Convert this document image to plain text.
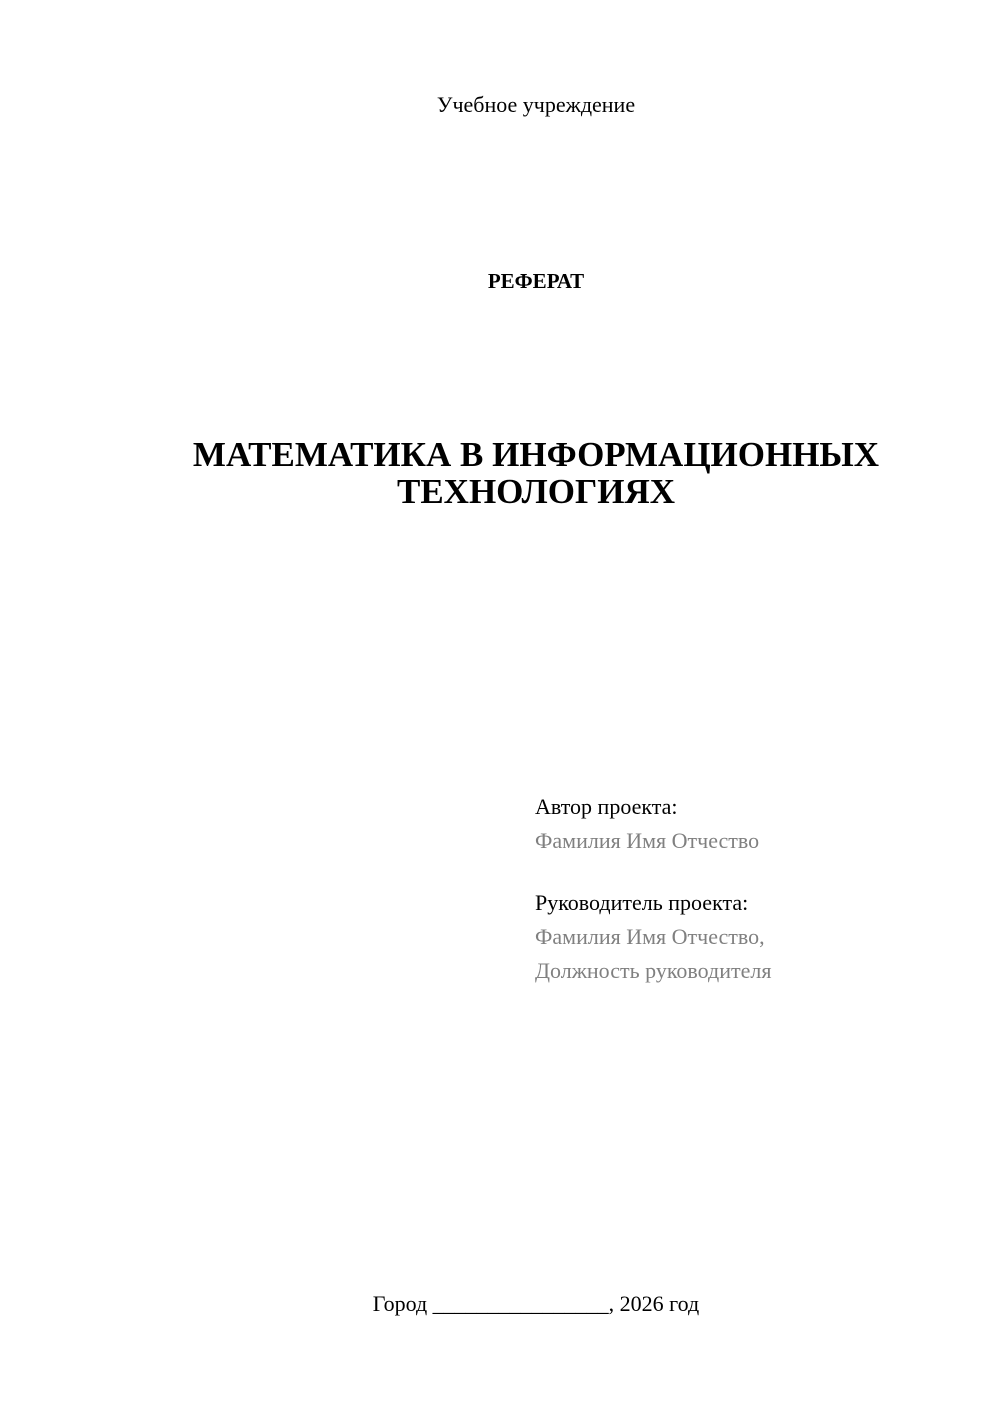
Учебное учреждение
РЕФЕРАТ
МАТЕМАТИКА В ИНФОРМАЦИОННЫХ
ТЕХНОЛОГИЯХ
Автор проекта:
Фамилия Имя Отчество
Руководитель проекта:
Фамилия Имя Отчество,
Должность руководителя
Город ________________, 2026 год
